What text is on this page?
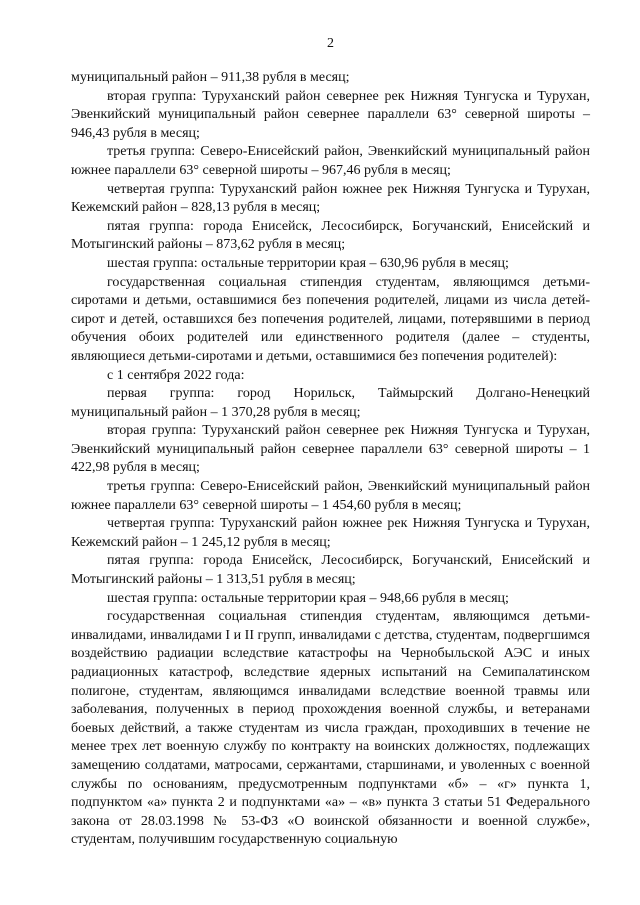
2

муниципальный район – 911,38 рубля в месяц;

вторая группа: Туруханский район севернее рек Нижняя Тунгуска и Турухан, Эвенкийский муниципальный район севернее параллели 63° северной широты – 946,43 рубля в месяц;

третья группа: Северо-Енисейский район, Эвенкийский муниципальный район южнее параллели 63° северной широты – 967,46 рубля в месяц;

четвертая группа: Туруханский район южнее рек Нижняя Тунгуска и Турухан, Кежемский район – 828,13 рубля в месяц;

пятая группа: города Енисейск, Лесосибирск, Богучанский, Енисейский и Мотыгинский районы – 873,62 рубля в месяц;

шестая группа: остальные территории края – 630,96 рубля в месяц;

государственная социальная стипендия студентам, являющимся детьми-сиротами и детьми, оставшимися без попечения родителей, лицами из числа детей-сирот и детей, оставшихся без попечения родителей, лицами, потерявшими в период обучения обоих родителей или единственного родителя (далее – студенты, являющиеся детьми-сиротами и детьми, оставшимися без попечения родителей):

с 1 сентября 2022 года:

первая группа: город Норильск, Таймырский Долгано-Ненецкий муниципальный район – 1 370,28 рубля в месяц;

вторая группа: Туруханский район севернее рек Нижняя Тунгуска и Турухан, Эвенкийский муниципальный район севернее параллели 63° северной широты – 1 422,98 рубля в месяц;

третья группа: Северо-Енисейский район, Эвенкийский муниципальный район южнее параллели 63° северной широты – 1 454,60 рубля в месяц;

четвертая группа: Туруханский район южнее рек Нижняя Тунгуска и Турухан, Кежемский район – 1 245,12 рубля в месяц;

пятая группа: города Енисейск, Лесосибирск, Богучанский, Енисейский и Мотыгинский районы – 1 313,51 рубля в месяц;

шестая группа: остальные территории края – 948,66 рубля в месяц;

государственная социальная стипендия студентам, являющимся детьми-инвалидами, инвалидами I и II групп, инвалидами с детства, студентам, подвергшимся воздействию радиации вследствие катастрофы на Чернобыльской АЭС и иных радиационных катастроф, вследствие ядерных испытаний на Семипалатинском полигоне, студентам, являющимся инвалидами вследствие военной травмы или заболевания, полученных в период прохождения военной службы, и ветеранами боевых действий, а также студентам из числа граждан, проходивших в течение не менее трех лет военную службу по контракту на воинских должностях, подлежащих замещению солдатами, матросами, сержантами, старшинами, и уволенных с военной службы по основаниям, предусмотренным подпунктами «б» – «г» пункта 1, подпунктом «а» пункта 2 и подпунктами «а» – «в» пункта 3 статьи 51 Федерального закона от 28.03.1998 № 53-ФЗ «О воинской обязанности и военной службе», студентам, получившим государственную социальную
